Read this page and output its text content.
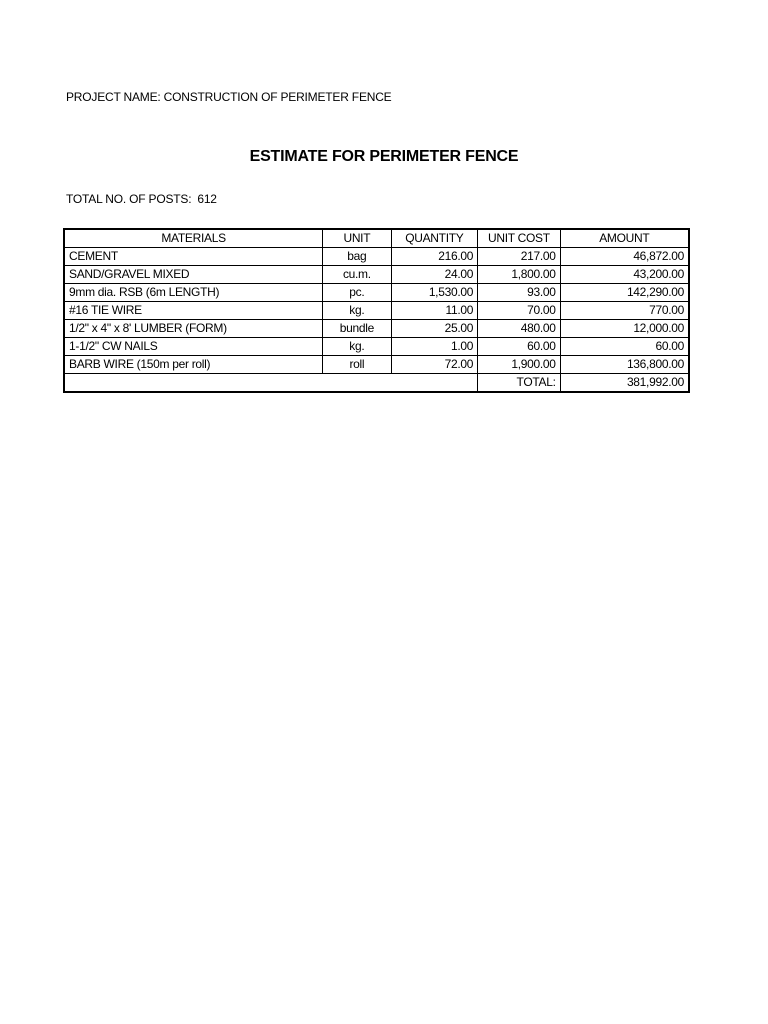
PROJECT NAME: CONSTRUCTION OF PERIMETER FENCE
ESTIMATE FOR PERIMETER FENCE
TOTAL NO. OF POSTS: 612
MATERIALS	UNIT	QUANTITY	UNIT COST	AMOUNT
CEMENT	bag	216.00	217.00	46,872.00
SAND/GRAVEL MIXED	cu.m.	24.00	1,800.00	43,200.00
9mm dia. RSB (6m LENGTH)	pc.	1,530.00	93.00	142,290.00
#16 TIE WIRE	kg.	11.00	70.00	770.00
1/2" x 4" x 8' LUMBER (FORM)	bundle	25.00	480.00	12,000.00
1-1/2" CW NAILS	kg.	1.00	60.00	60.00
BARB WIRE (150m per roll)	roll	72.00	1,900.00	136,800.00
			TOTAL:	381,992.00
